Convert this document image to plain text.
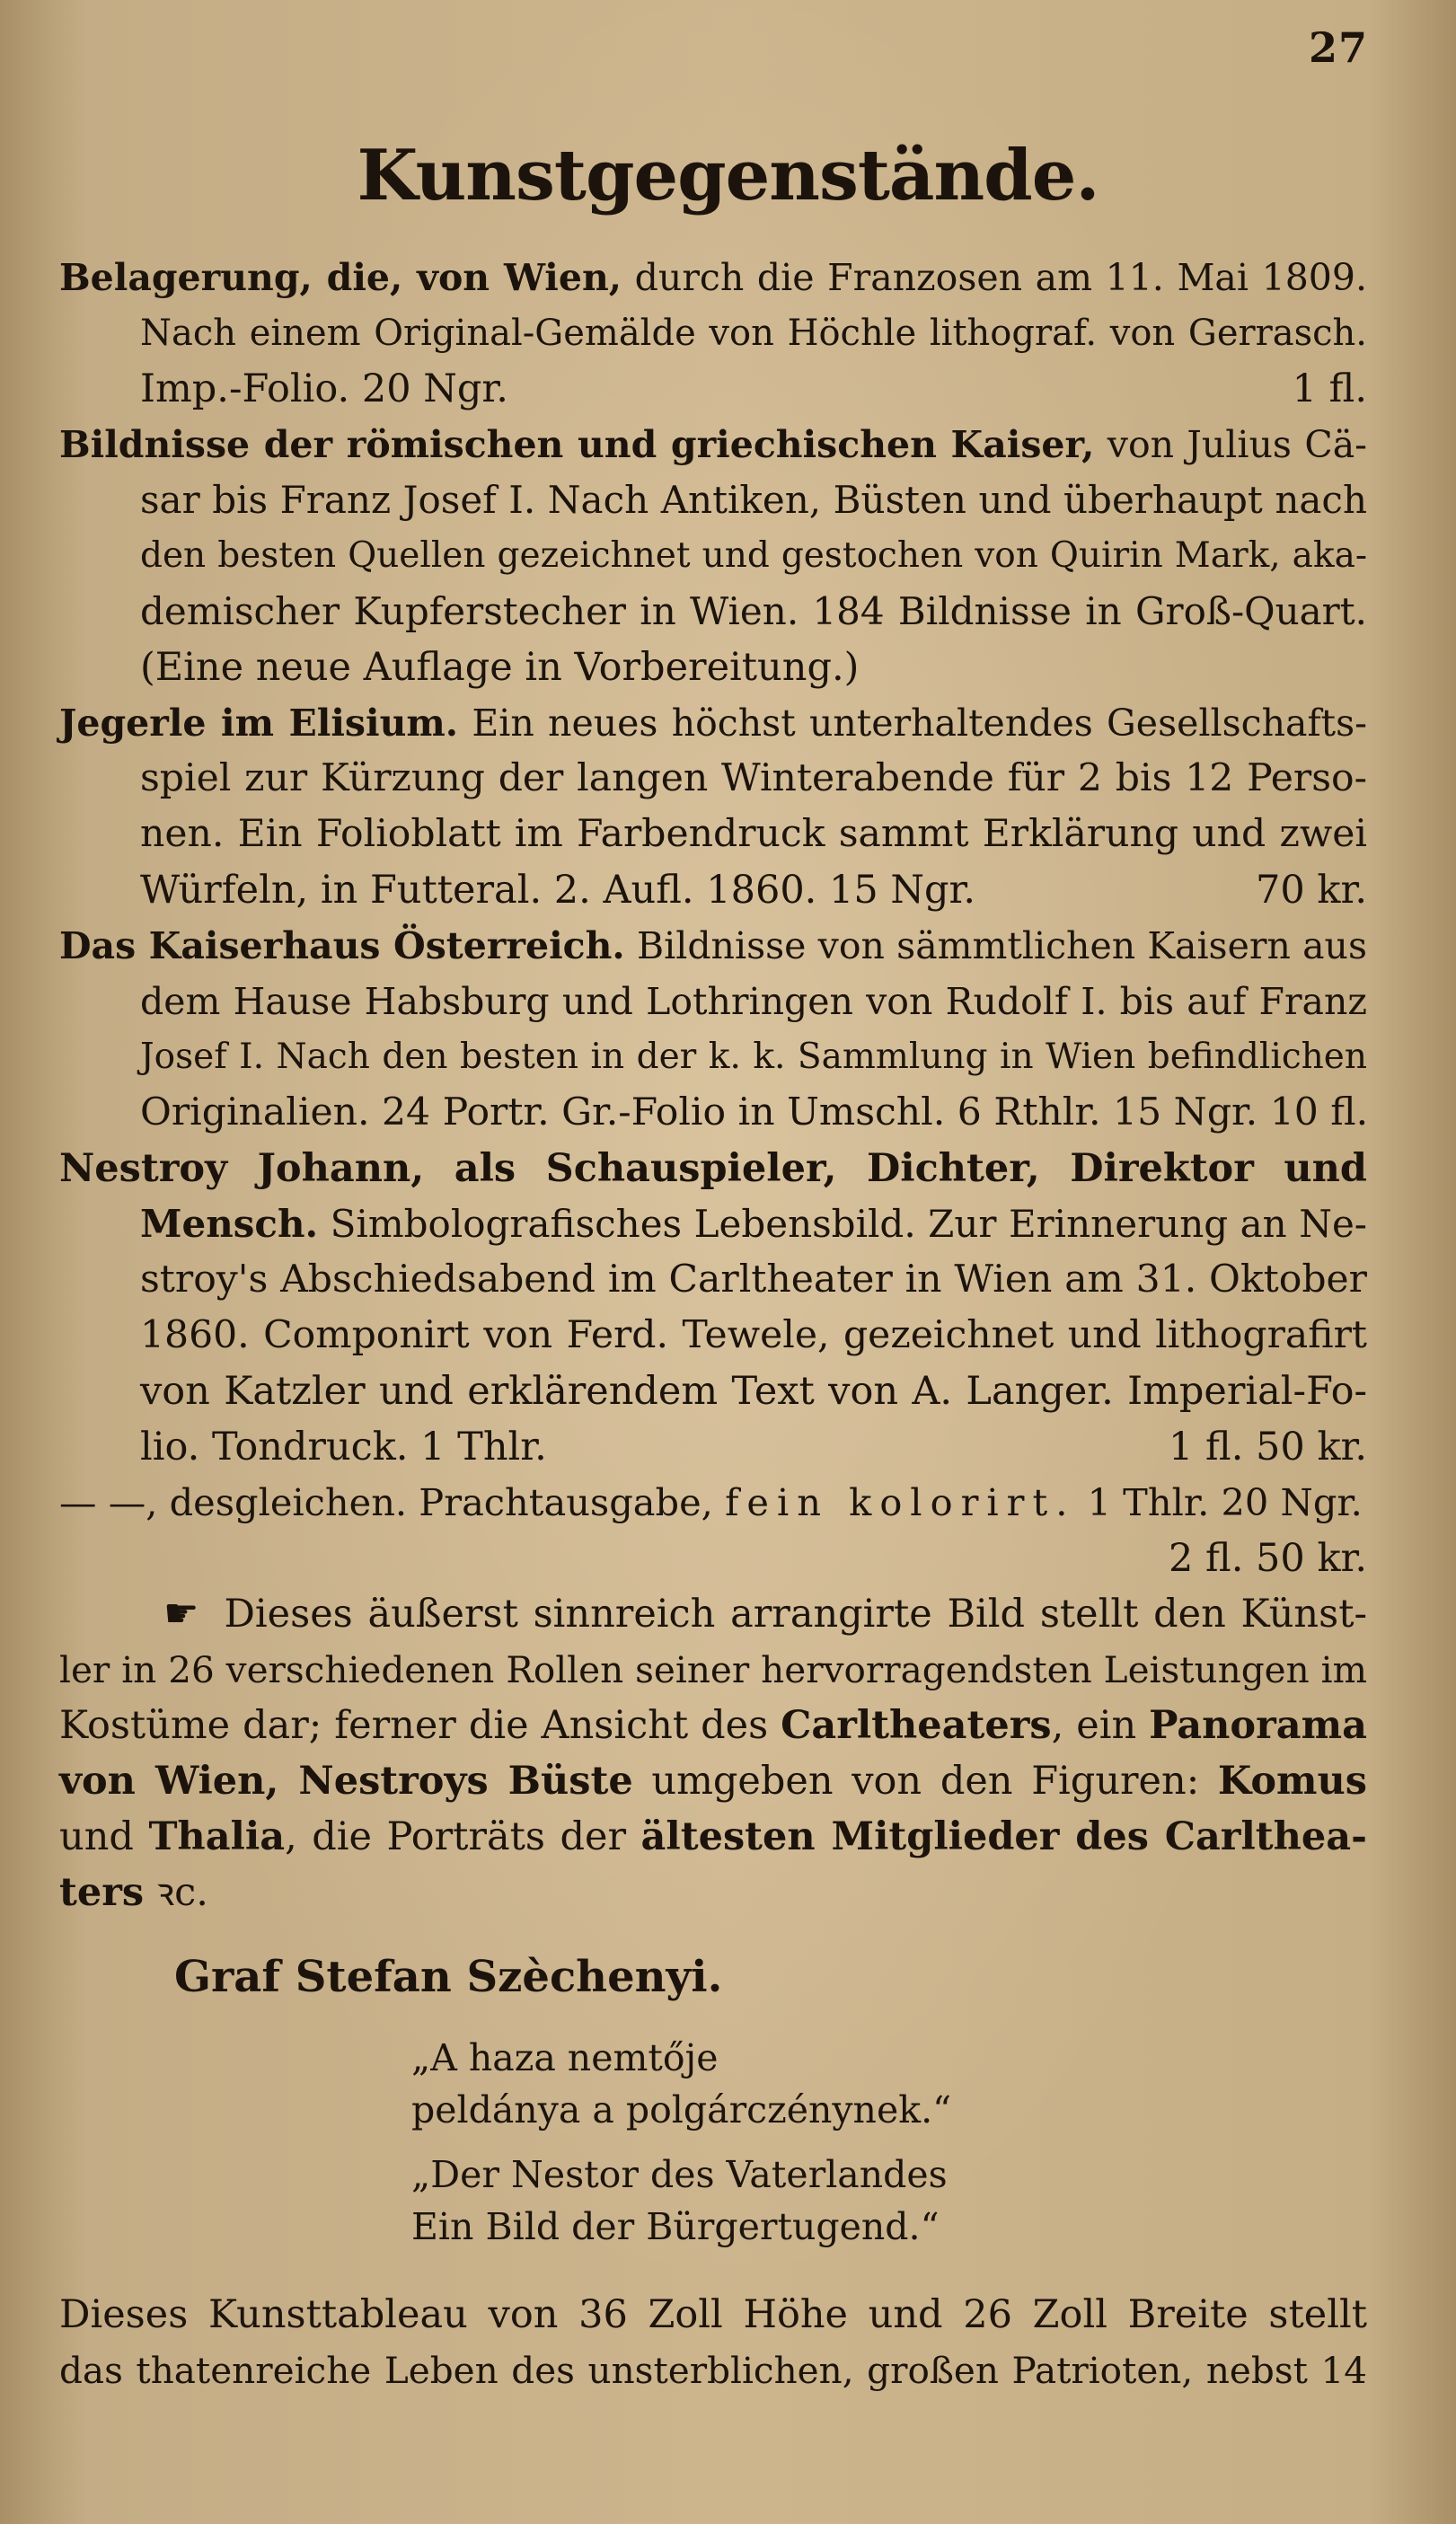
27
Kunstgegenstände.
Belagerung, die, von Wien, durch die Franzosen am 11. Mai 1809.
Nach einem Original-Gemälde von Höchle lithograf. von Gerrasch.
Imp.-Folio. 20 Ngr.	1 fl.
Bildnisse der römischen und griechischen Kaiser, von Julius Cä-
sar bis Franz Josef I. Nach Antiken, Büsten und überhaupt nach
den besten Quellen gezeichnet und gestochen von Quirin Mark, aka-
demischer Kupferstecher in Wien. 184 Bildnisse in Groß-Quart.
(Eine neue Auflage in Vorbereitung.)
Jegerle im Elisium. Ein neues höchst unterhaltendes Gesellschafts-
spiel zur Kürzung der langen Winterabende für 2 bis 12 Perso-
nen. Ein Folioblatt im Farbendruck sammt Erklärung und zwei
Würfeln, in Futteral. 2. Aufl. 1860. 15 Ngr.	70 kr.
Das Kaiserhaus Österreich. Bildnisse von sämmtlichen Kaisern aus
dem Hause Habsburg und Lothringen von Rudolf I. bis auf Franz
Josef I. Nach den besten in der k. k. Sammlung in Wien befindlichen
Originalien. 24 Portr. Gr.-Folio in Umschl. 6 Rthlr. 15 Ngr. 10 fl.
Nestroy Johann, als Schauspieler, Dichter, Direktor und
Mensch. Simbolografisches Lebensbild. Zur Erinnerung an Ne-
stroy's Abschiedsabend im Carltheater in Wien am 31. Oktober
1860. Componirt von Ferd. Tewele, gezeichnet und lithografirt
von Katzler und erklärendem Text von A. Langer. Imperial-Fo-
lio. Tondruck. 1 Thlr.	1 fl. 50 kr.
— —, desgleichen. Prachtausgabe, fein kolorirt. 1 Thlr. 20 Ngr.
2 fl. 50 kr.
☛ Dieses äußerst sinnreich arrangirte Bild stellt den Künst-
ler in 26 verschiedenen Rollen seiner hervorragendsten Leistungen im
Kostüme dar; ferner die Ansicht des Carltheaters, ein Panorama
von Wien, Nestroys Büste umgeben von den Figuren: Komus
und Thalia, die Porträts der ältesten Mitglieder des Carlthea-
ters ꝛc.
Graf Stefan Szèchenyi.
„A haza nemtője
peldánya a polgárczénynek.“
„Der Nestor des Vaterlandes
Ein Bild der Bürgertugend.“
Dieses Kunsttableau von 36 Zoll Höhe und 26 Zoll Breite stellt
das thatenreiche Leben des unsterblichen, großen Patrioten, nebst 14
